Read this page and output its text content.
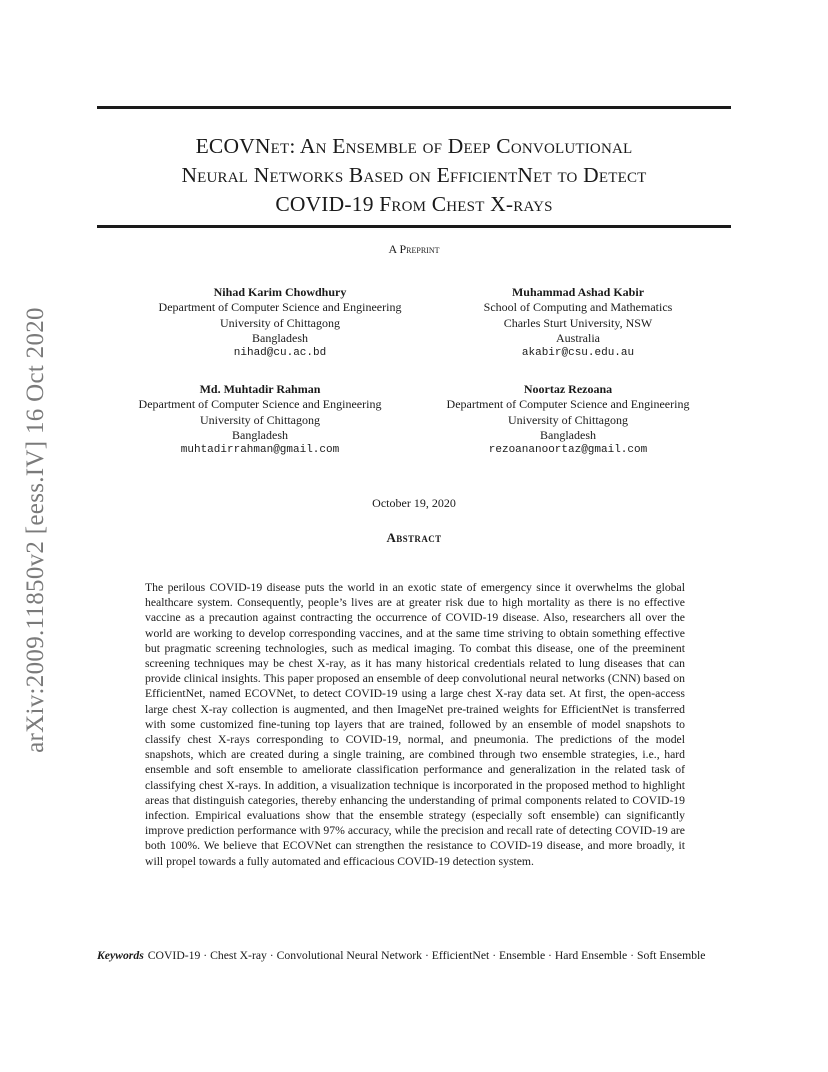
arXiv:2009.11850v2 [eess.IV] 16 Oct 2020
ECOVNet: An Ensemble of Deep Convolutional
Neural Networks Based on EfficientNet to Detect
COVID-19 From Chest X-rays
A Preprint
Nihad Karim Chowdhury
Department of Computer Science and Engineering
University of Chittagong
Bangladesh
nihad@cu.ac.bd
Muhammad Ashad Kabir
School of Computing and Mathematics
Charles Sturt University, NSW
Australia
akabir@csu.edu.au
Md. Muhtadir Rahman
Department of Computer Science and Engineering
University of Chittagong
Bangladesh
muhtadirrahman@gmail.com
Noortaz Rezoana
Department of Computer Science and Engineering
University of Chittagong
Bangladesh
rezoananoortaz@gmail.com
October 19, 2020
Abstract
The perilous COVID-19 disease puts the world in an exotic state of emergency since it overwhelms the global healthcare system. Consequently, people’s lives are at greater risk due to high mortality as there is no effective vaccine as a precaution against contracting the occurrence of COVID-19 disease. Also, researchers all over the world are working to develop corresponding vaccines, and at the same time striving to obtain something effective but pragmatic screening technologies, such as medical imaging. To combat this disease, one of the preeminent screening techniques may be chest X-ray, as it has many historical credentials related to lung diseases that can provide clinical insights. This paper proposed an ensemble of deep convolutional neural networks (CNN) based on EfficientNet, named ECOVNet, to detect COVID-19 using a large chest X-ray data set. At first, the open-access large chest X-ray collection is augmented, and then ImageNet pre-trained weights for EfficientNet is transferred with some customized fine-tuning top layers that are trained, followed by an ensemble of model snapshots to classify chest X-rays corresponding to COVID-19, normal, and pneumonia. The predictions of the model snapshots, which are created during a single training, are combined through two ensemble strategies, i.e., hard ensemble and soft ensemble to ameliorate classification performance and generalization in the related task of classifying chest X-rays. In addition, a visualization technique is incorporated in the proposed method to highlight areas that distinguish categories, thereby enhancing the understanding of primal components related to COVID-19 infection. Empirical evaluations show that the ensemble strategy (especially soft ensemble) can significantly improve prediction performance with 97% accuracy, while the precision and recall rate of detecting COVID-19 are both 100%. We believe that ECOVNet can strengthen the resistance to COVID-19 disease, and more broadly, it will propel towards a fully automated and efficacious COVID-19 detection system.
Keywords COVID-19 · Chest X-ray · Convolutional Neural Network · EfficientNet · Ensemble · Hard Ensemble · Soft Ensemble
